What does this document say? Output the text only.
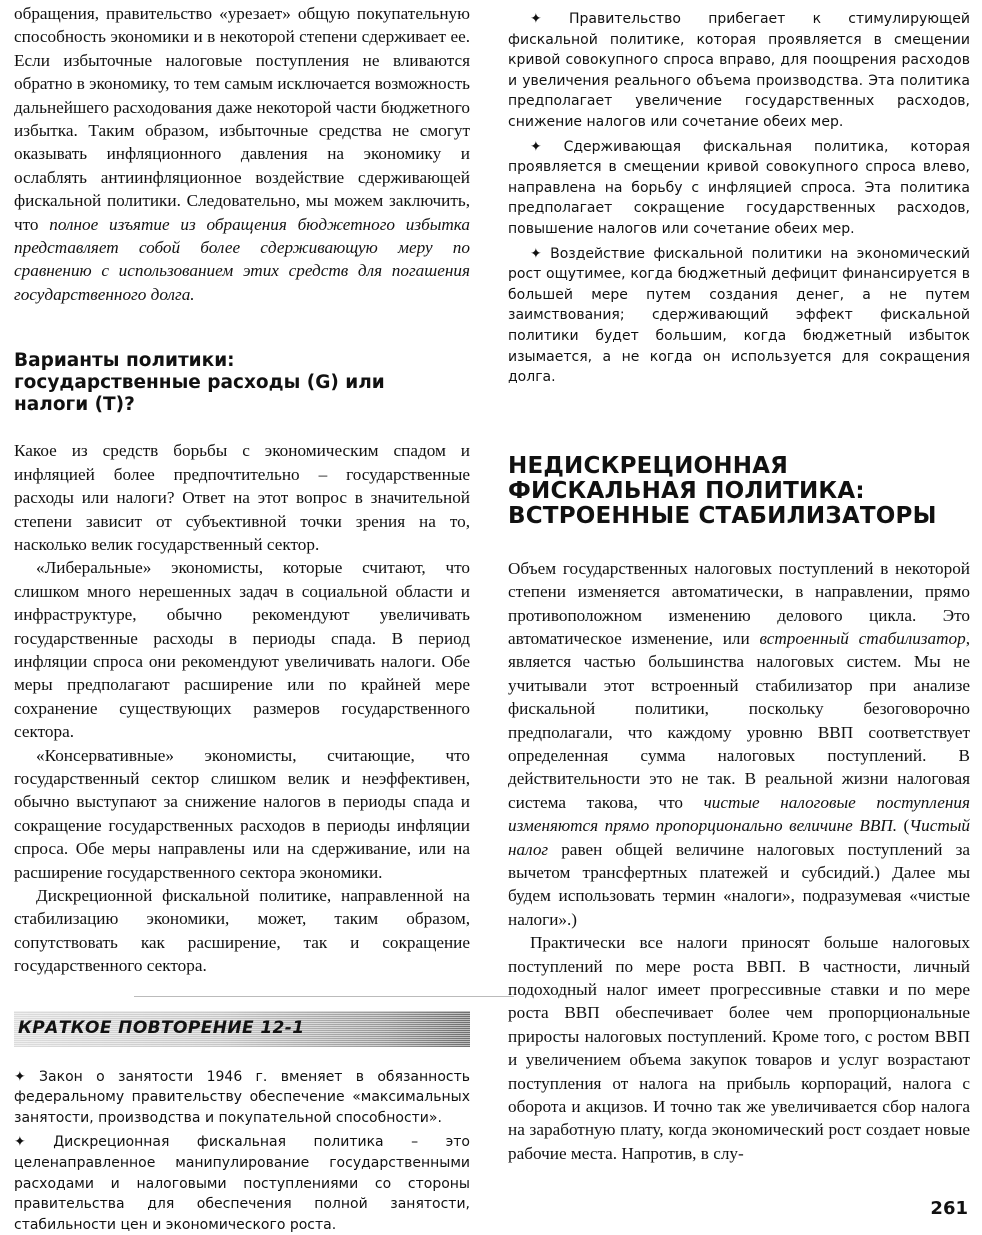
обращения, правительство «урезает» общую покупательную способность экономики и в некоторой степени сдерживает ее. Если избыточные налоговые поступления не вливаются обратно в экономику, то тем самым исключается возможность дальнейшего расходования даже некоторой части бюджетного избытка. Таким образом, избыточные средства не смогут оказывать инфляционного давления на экономику и ослаблять антиинфляционное воздействие сдерживающей фискальной политики. Следовательно, мы можем заключить, что полное изъятие из обращения бюджетного избытка представляет собой более сдерживающую меру по сравнению с использованием этих средств для погашения государственного долга.

Варианты политики: государственные расходы (G) или налоги (T)?

Какое из средств борьбы с экономическим спадом и инфляцией более предпочтительно – государственные расходы или налоги? Ответ на этот вопрос в значительной степени зависит от субъективной точки зрения на то, насколько велик государственный сектор.

«Либеральные» экономисты, которые считают, что слишком много нерешенных задач в социальной области и инфраструктуре, обычно рекомендуют увеличивать государственные расходы в периоды спада. В период инфляции спроса они рекомендуют увеличивать налоги. Обе меры предполагают расширение или по крайней мере сохранение существующих размеров государственного сектора.

«Консервативные» экономисты, считающие, что государственный сектор слишком велик и неэффективен, обычно выступают за снижение налогов в периоды спада и сокращение государственных расходов в периоды инфляции спроса. Обе меры направлены или на сдерживание, или на расширение государственного сектора экономики.

Дискреционной фискальной политике, направленной на стабилизацию экономики, может, таким образом, сопутствовать как расширение, так и сокращение государственного сектора.

КРАТКОЕ ПОВТОРЕНИЕ 12-1

✦ Закон о занятости 1946 г. вменяет в обязанность федеральному правительству обеспечение «максимальных занятости, производства и покупательной способности».

✦ Дискреционная фискальная политика – это целенаправленное манипулирование государственными расходами и налоговыми поступлениями со стороны правительства для обеспечения полной занятости, стабильности цен и экономического роста.

✦ Правительство прибегает к стимулирующей фискальной политике, которая проявляется в смещении кривой совокупного спроса вправо, для поощрения расходов и увеличения реального объема производства. Эта политика предполагает увеличение государственных расходов, снижение налогов или сочетание обеих мер.

✦ Сдерживающая фискальная политика, которая проявляется в смещении кривой совокупного спроса влево, направлена на борьбу с инфляцией спроса. Эта политика предполагает сокращение государственных расходов, повышение налогов или сочетание обеих мер.

✦ Воздействие фискальной политики на экономический рост ощутимее, когда бюджетный дефицит финансируется в большей мере путем создания денег, а не путем заимствования; сдерживающий эффект фискальной политики будет большим, когда бюджетный избыток изымается, а не когда он используется для сокращения долга.

НЕДИСКРЕЦИОННАЯ ФИСКАЛЬНАЯ ПОЛИТИКА: ВСТРОЕННЫЕ СТАБИЛИЗАТОРЫ

Объем государственных налоговых поступлений в некоторой степени изменяется автоматически, в направлении, прямо противоположном изменению делового цикла. Это автоматическое изменение, или встроенный стабилизатор, является частью большинства налоговых систем. Мы не учитывали этот встроенный стабилизатор при анализе фискальной политики, поскольку безоговорочно предполагали, что каждому уровню ВВП соответствует определенная сумма налоговых поступлений. В действительности это не так. В реальной жизни налоговая система такова, что чистые налоговые поступления изменяются прямо пропорционально величине ВВП. (Чистый налог равен общей величине налоговых поступлений за вычетом трансфертных платежей и субсидий.) Далее мы будем использовать термин «налоги», подразумевая «чистые налоги».)

Практически все налоги приносят больше налоговых поступлений по мере роста ВВП. В частности, личный подоходный налог имеет прогрессивные ставки и по мере роста ВВП обеспечивает более чем пропорциональные приросты налоговых поступлений. Кроме того, с ростом ВВП и увеличением объема закупок товаров и услуг возрастают поступления от налога на прибыль корпораций, налога с оборота и акцизов. И точно так же увеличивается сбор налога на заработную плату, когда экономический рост создает новые рабочие места. Напротив, в слу-

261
